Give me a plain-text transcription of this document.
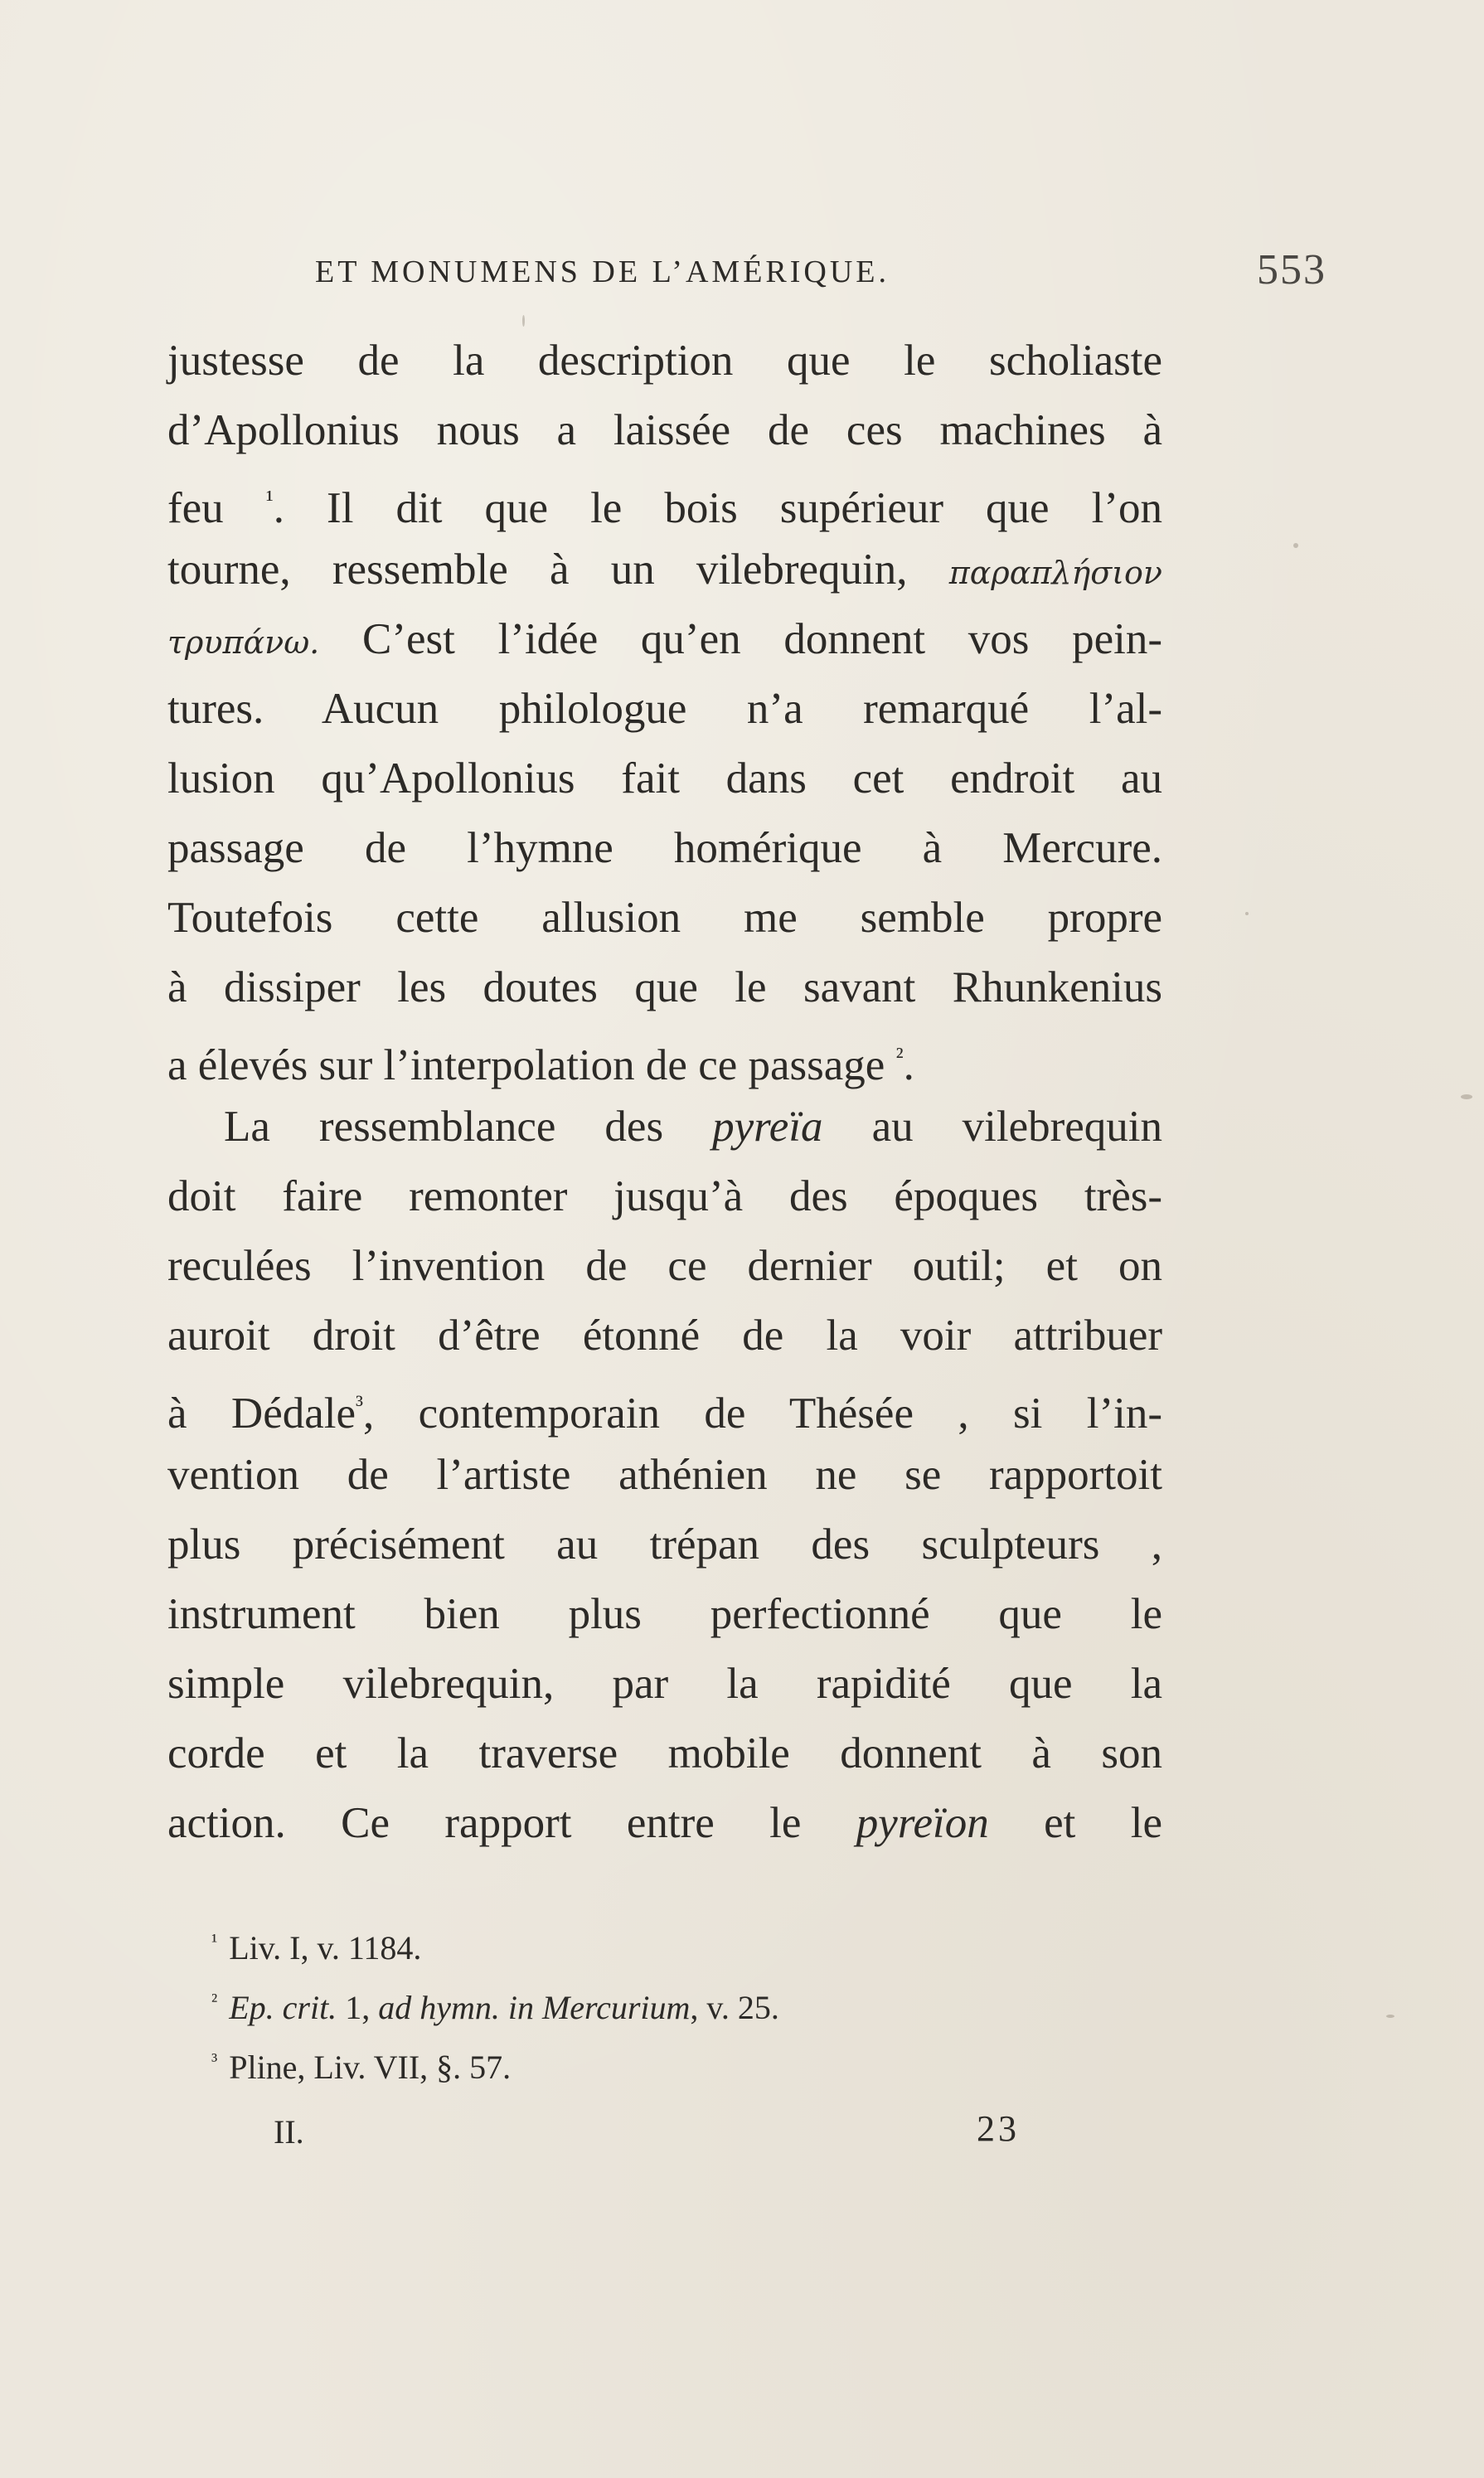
ET MONUMENS DE L’AMÉRIQUE.	553
justesse de la description que le scholiaste
d’Apollonius nous a laissée de ces machines à
feu $^{^1}$. Il dit que le bois supérieur que l’on
tourne, ressemble à un vilebrequin, παραπλήσιον
τρυπάνω. C’est l’idée qu’en donnent vos pein-
tures. Aucun philologue n’a remarqué l’al-
lusion qu’Apollonius fait dans cet endroit au
passage de l’hymne homérique à Mercure.
Toutefois cette allusion me semble propre
à dissiper les doutes que le savant Rhunkenius
a élevés sur l’interpolation de ce passage $^{^2}$.
La ressemblance des pyreïa au vilebrequin
doit faire remonter jusqu’à des époques très-
reculées l’invention de ce dernier outil; et on
auroit droit d’être étonné de la voir attribuer
à Dédale$^{^3}$, contemporain de Thésée , si l’in-
vention de l’artiste athénien ne se rapportoit
plus précisément au trépan des sculpteurs ,
instrument bien plus perfectionné que le
simple vilebrequin, par la rapidité que la
corde et la traverse mobile donnent à son
action. Ce rapport entre le pyreïon et le
$^{^1}$ Liv. I, v. 1184.
$^{^2}$ Ep. crit. 1, ad hymn. in Mercurium, v. 25.
$^{^3}$ Pline, Liv. VII, §. 57.
II.	23
